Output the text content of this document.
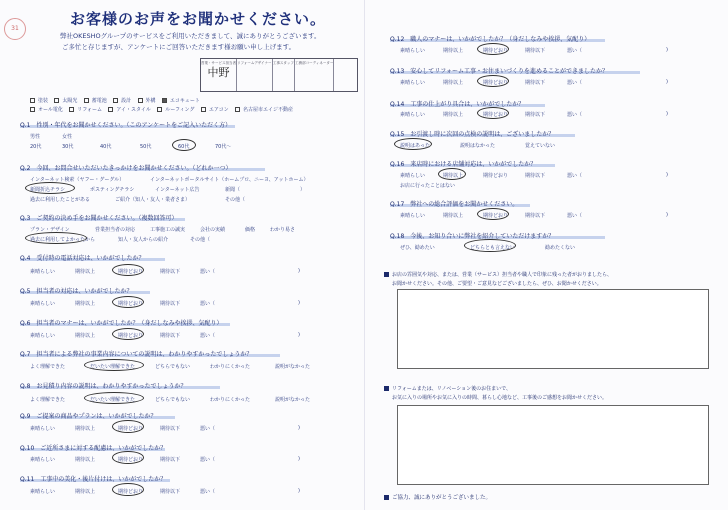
31
お客様のお声をお聞かせください。
弊社OKESHOグループのサービスをご利用いただきまして、誠にありがとうございます。
ご多忙と存じますが、アンケートにご回答いただきます様お願い申し上げます。
営業・サービス担当者
中野
リフォームデザイナー 工事スタッフ 工務部コーディネーター
塗装	太陽光	蓄電池	設計	外構	エコキュート
オール電化	リフォーム	アイ・スタイル	ルーフィング	エアコン	名古屋市エイジ不動産
Q.1　性別・年代をお聞かせください。（このアンケートをご記入いただく方）
男性	女性
20代	30代	40代	50代	60代	70代～
Q.2　今回、お問合せいただいたきっかけをお聞かせください。（どれか一つ）
インターネット検索（ヤフー・グーグル）	インターネットポータルサイト（ホームプロ、ニーヨ、アットホーム）
新聞折込チラシ	ポスティングチラシ	インターネット広告	新聞（	）
過去に利用したことがある	ご紹介（知人・友人・業者さま）	その他（
Q.3　ご契約の決め手をお聞かせください。（複数回答可）
プラン・デザイン	営業担当者の対応	工事施工の誠実	会社の実績	価格	わかり易さ
過去に利用してよかったから	知人・友人からの紹介	その他（
Q.4　受付時の電話対応は、いかがでしたか？
素晴らしい	期待以上	期待どおり	期待以下	悪い（	)
Q.5　担当者の対応は、いかがでしたか？
素晴らしい	期待以上	期待どおり	期待以下	悪い（	)
Q.6　担当者のマナーは、いかがでしたか？（身だしなみや挨拶、気配り）
素晴らしい	期待以上	期待どおり	期待以下	悪い（	)
Q.7　担当者による弊社の事業内容についての説明は、わかりやすかったでしょうか？
よく理解できた	だいたい理解できた	どちらでもない	わかりにくかった	説明がなかった
Q.8　お見積り内容の説明は、わかりやすかったでしょうか？
よく理解できた	だいたい理解できた	どちらでもない	わかりにくかった	説明がなかった
Q.9　ご提案の商品やプランは、いかがでしたか？
素晴らしい	期待以上	期待どおり	期待以下	悪い（	)
Q.10　ご近所さまに対する配慮は、いかがでしたか？
素晴らしい	期待以上	期待どおり	期待以下	悪い（	)
Q.11　工事中の美化・後片付けは、いかがでしたか？
素晴らしい	期待以上	期待どおり	期待以下	悪い（	)
Q.12　職人のマナーは、いかがでしたか？（身だしなみや挨拶、気配り）
素晴らしい	期待以上	期待どおり	期待以下	悪い（	)
Q.13　安心してリフォーム工事・お住まいづくりを進めることができましたか？
素晴らしい	期待以上	期待どおり	期待以下	悪い（	)
Q.14　工事の仕上がり具合は、いかがでしたか？
素晴らしい	期待以上	期待どおり	期待以下	悪い（	)
Q.15　お引渡し時に次回の点検の説明は、ございましたか？
説明はあった	説明はなかった	覚えていない
Q.16　来店時における店舗対応は、いかがでしたか？
素晴らしい	期待以上	期待どおり	期待以下	悪い（	)
お店に行ったことはない
Q.17　弊社への総合評価をお聞かせください。
素晴らしい	期待以上	期待どおり	期待以下	悪い（	)
Q.18　今後、お知り合いに弊社を紹介していただけますか？
ぜひ、勧めたい	どちらとも言えない	勧めたくない
お店の雰囲気や対応、または、営業（サービス）担当者や職人で印象に残った者がおりましたら、
お聞かせください。その他、ご要望・ご意見などございましたら、ぜひ、お聞かせください。
リフォームまたは、リノベーション後のお住まいで、
お気に入りの場所やお気に入りの時間、暮らし心地など、工事後のご感想をお聞かせください。
ご協力、誠にありがとうございました。
